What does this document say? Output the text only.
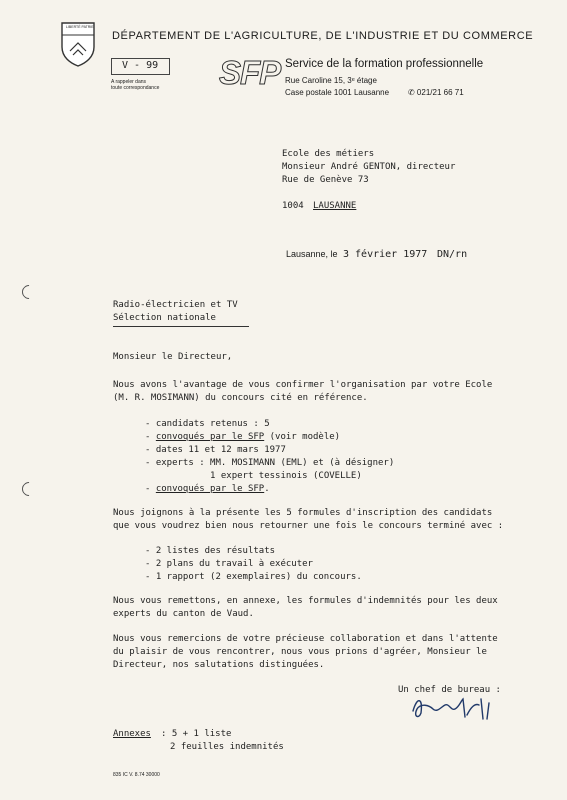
LIBERTÉ PATRIE
DÉPARTEMENT DE L'AGRICULTURE, DE L'INDUSTRIE ET DU COMMERCE
V - 99
A rappeler dans
toute correspondance SFP Service de la formation professionnelle
Rue Caroline 15, 3ᵉ étage
Case postale 1001 Lausanne ✆ 021/21 66 71
Ecole des métiers
Monsieur André GENTON, directeur
Rue de Genève 73
1004 LAUSANNE
Lausanne, le 3 février 1977 DN/rn
Radio-électricien et TV
Sélection nationale
Monsieur le Directeur,
Nous avons l'avantage de vous confirmer l'organisation par votre Ecole
(M. R. MOSIMANN) du concours cité en référence.
- candidats retenus : 5
- convoqués par le SFP (voir modèle)
- dates 11 et 12 mars 1977
- experts : MM. MOSIMANN (EML) et (à désigner)
1 expert tessinois (COVELLE)
- convoqués par le SFP.
Nous joignons à la présente les 5 formules d'inscription des candidats
que vous voudrez bien nous retourner une fois le concours terminé avec :
- 2 listes des résultats
- 2 plans du travail à exécuter
- 1 rapport (2 exemplaires) du concours.
Nous vous remettons, en annexe, les formules d'indemnités pour les deux
experts du canton de Vaud.
Nous vous remercions de votre précieuse collaboration et dans l'attente
du plaisir de vous rencontrer, nous vous prions d'agréer, Monsieur le
Directeur, nos salutations distinguées.
Un chef de bureau :
Annexes : 5 + 1 liste
2 feuilles indemnités
835 IC V. 8.74 30000
